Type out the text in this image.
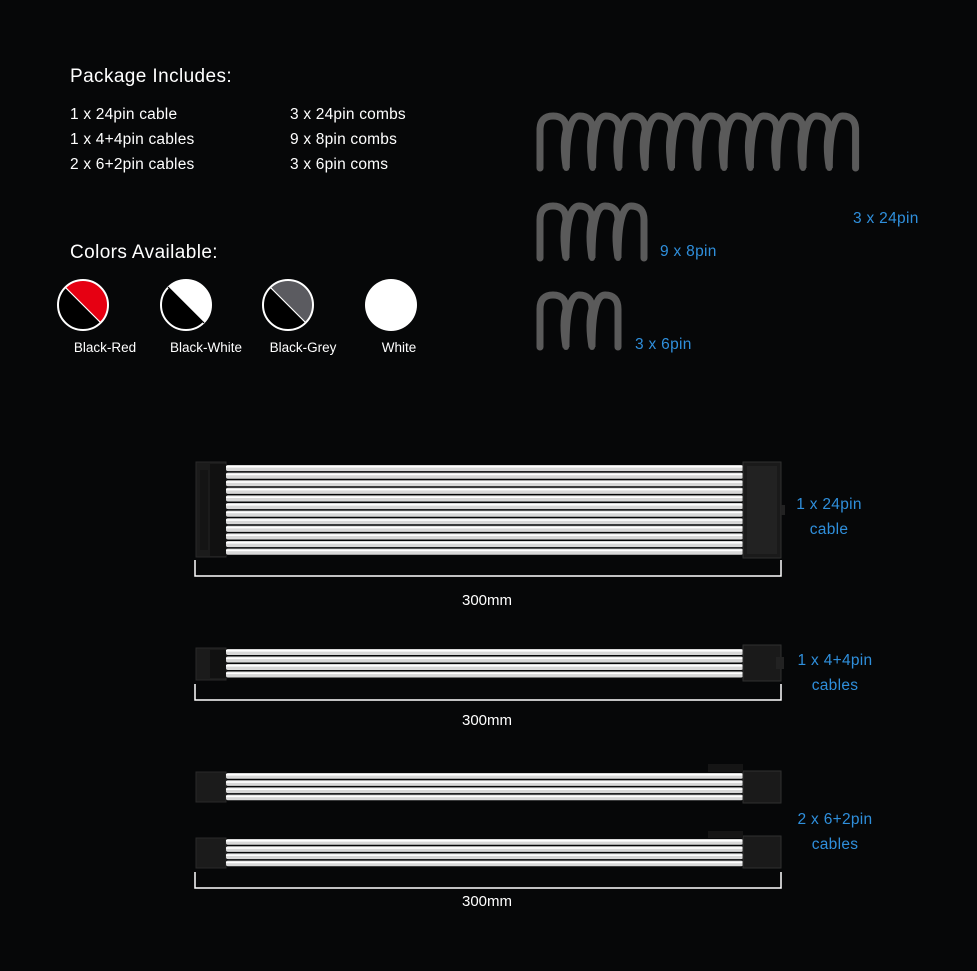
Package Includes:
1 x 24pin cable
1 x 4+4pin cables
2 x 6+2pin cables
3 x 24pin combs
9 x 8pin combs
3 x 6pin coms
Colors Available:
Black-Red	Black-White	Black-Grey	White
3 x 24pin
9 x 8pin
3 x 6pin
300mm
300mm
300mm
1 x 24pin
cable
1 x 4+4pin
cables
2 x 6+2pin
cables
